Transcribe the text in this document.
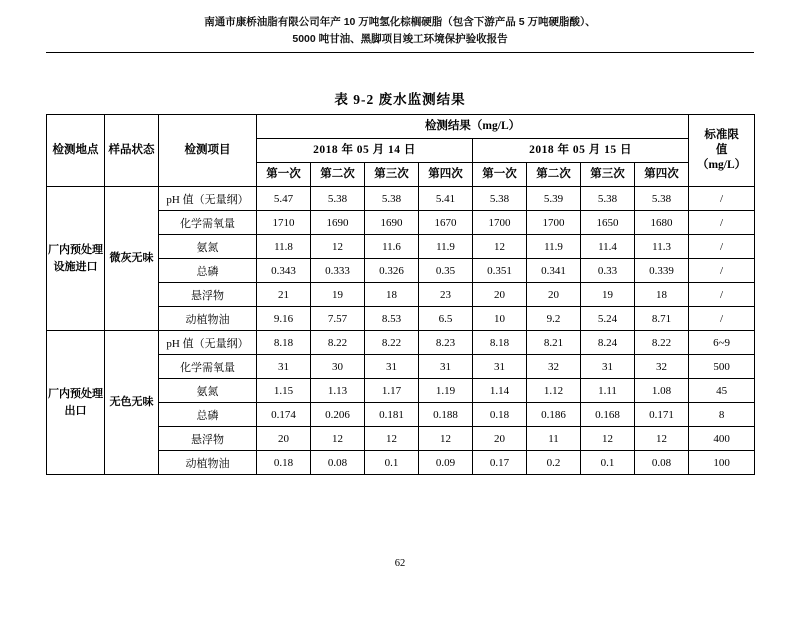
南通市康桥油脂有限公司年产 10 万吨氢化棕榈硬脂（包含下游产品 5 万吨硬脂酸）、
5000 吨甘油、黑脚项目竣工环境保护验收报告
表 9-2 废水监测结果
检测地点	样品状态	检测项目	检测结果（mg/L）								标准限
值
（mg/L）

			2018 年 05 月 14 日				2018 年 05 月 15 日				
			第一次	第二次	第三次	第四次	第一次	第二次	第三次	第四次	
厂内预处理设施进口	微灰无味	pH 值（无量纲）	5.47	5.38	5.38	5.41	5.38	5.39	5.38	5.38	/
		化学需氧量	1710	1690	1690	1670	1700	1700	1650	1680	/
		氨氮	11.8	12	11.6	11.9	12	11.9	11.4	11.3	/
		总磷	0.343	0.333	0.326	0.35	0.351	0.341	0.33	0.339	/
		悬浮物	21	19	18	23	20	20	19	18	/
		动植物油	9.16	7.57	8.53	6.5	10	9.2	5.24	8.71	/
厂内预处理出口	无色无味	pH 值（无量纲）	8.18	8.22	8.22	8.23	8.18	8.21	8.24	8.22	6~9
		化学需氧量	31	30	31	31	31	32	31	32	500
		氨氮	1.15	1.13	1.17	1.19	1.14	1.12	1.11	1.08	45
		总磷	0.174	0.206	0.181	0.188	0.18	0.186	0.168	0.171	8
		悬浮物	20	12	12	12	20	11	12	12	400
		动植物油	0.18	0.08	0.1	0.09	0.17	0.2	0.1	0.08	100
62
